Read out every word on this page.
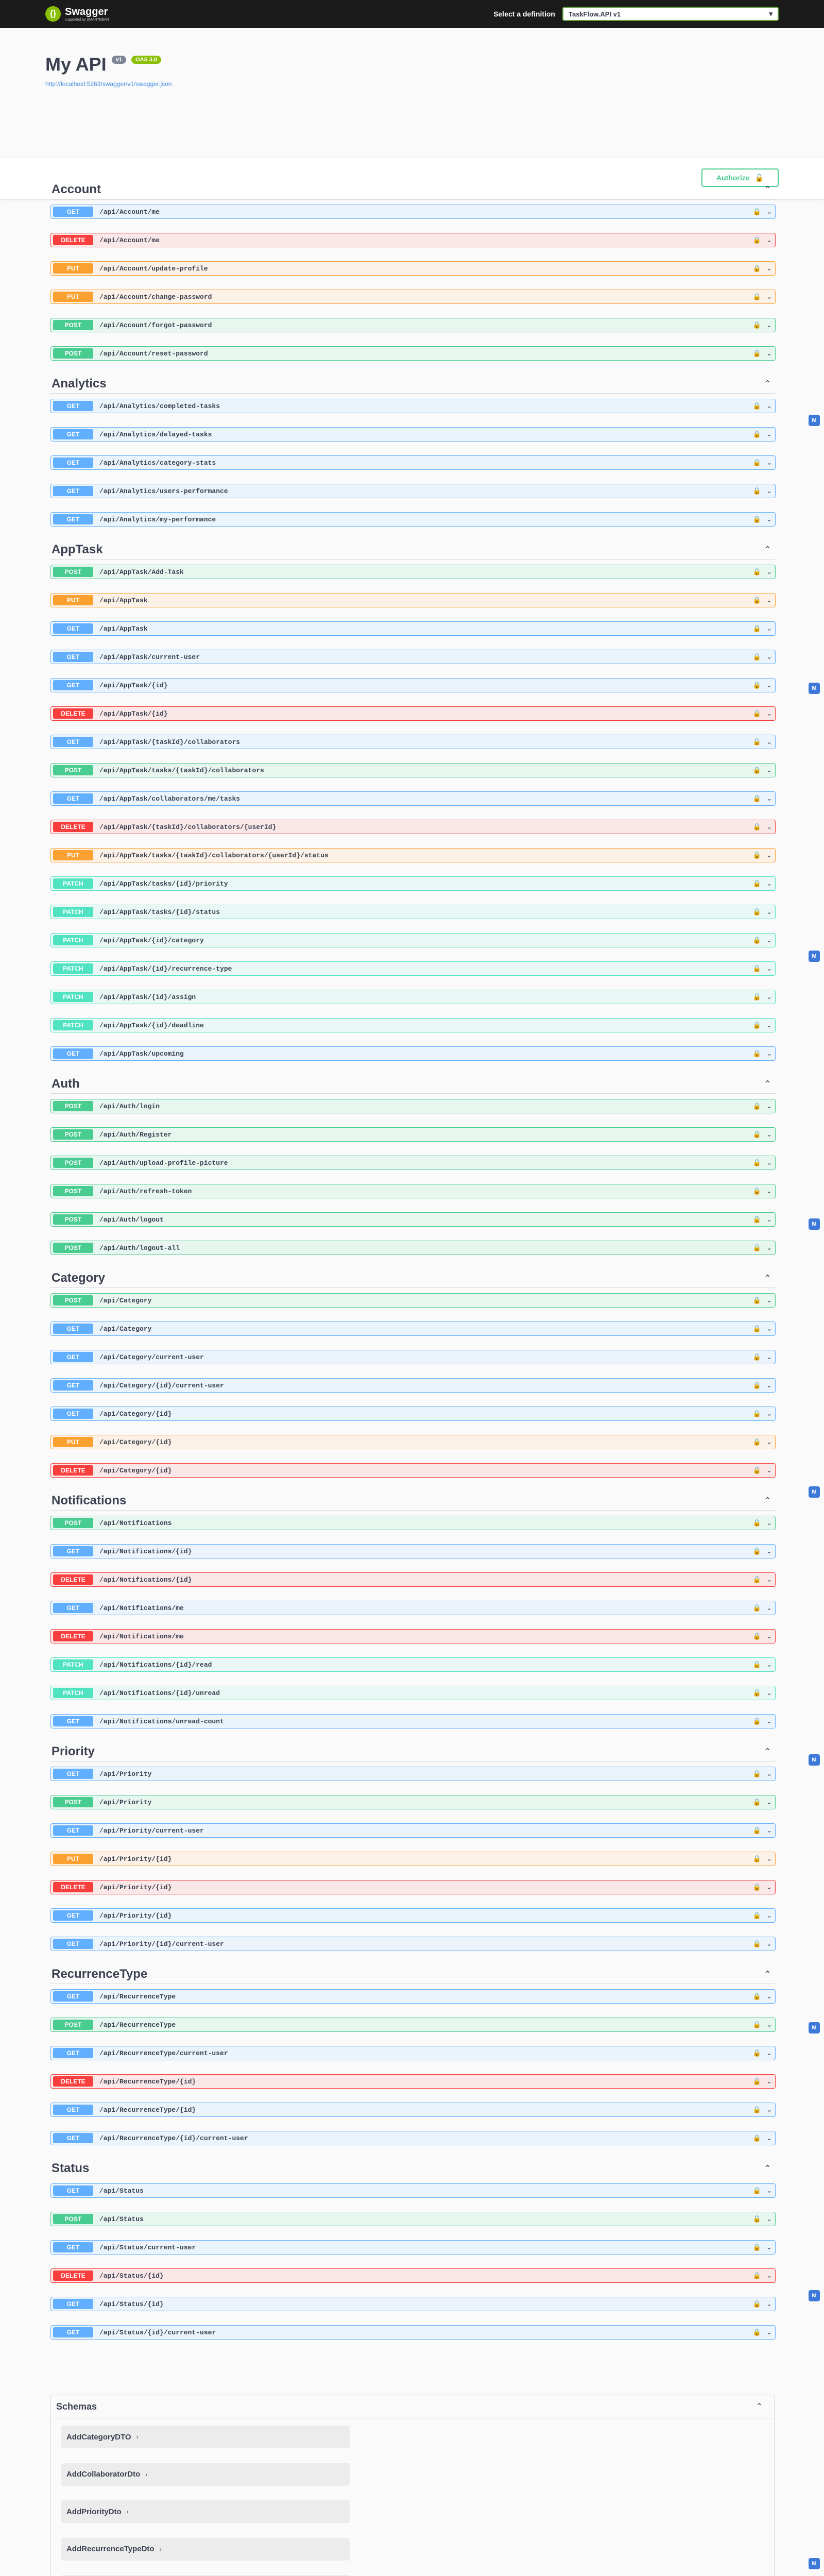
{} Swagger
supported by SMARTBEAR
Select a definition TaskFlow.API v1	▾
My API	v1	OAS 3.0
http://localhost:5263/swagger/v1/swagger.json
Authorize 🔓
Account	⌃
GET	/api/Account/me	🔒 ⌄
DELETE	/api/Account/me	🔒 ⌄
PUT	/api/Account/update-profile	🔒 ⌄
PUT	/api/Account/change-password	🔒 ⌄
POST	/api/Account/forgot-password	🔒 ⌄
POST	/api/Account/reset-password	🔒 ⌄
Analytics	⌃
GET	/api/Analytics/completed-tasks	🔒 ⌄
GET	/api/Analytics/delayed-tasks	🔒 ⌄
GET	/api/Analytics/category-stats	🔒 ⌄
GET	/api/Analytics/users-performance	🔒 ⌄
GET	/api/Analytics/my-performance	🔒 ⌄
AppTask	⌃
POST	/api/AppTask/Add-Task	🔒 ⌄
PUT	/api/AppTask	🔒 ⌄
GET	/api/AppTask	🔒 ⌄
GET	/api/AppTask/current-user	🔒 ⌄
GET	/api/AppTask/{id}	🔒 ⌄
DELETE	/api/AppTask/{id}	🔒 ⌄
GET	/api/AppTask/{taskId}/collaborators	🔒 ⌄
POST	/api/AppTask/tasks/{taskId}/collaborators	🔒 ⌄
GET	/api/AppTask/collaborators/me/tasks	🔒 ⌄
DELETE	/api/AppTask/{taskId}/collaborators/{userId}	🔒 ⌄
PUT	/api/AppTask/tasks/{taskId}/collaborators/{userId}/status	🔒 ⌄
PATCH	/api/AppTask/tasks/{id}/priority	🔒 ⌄
PATCH	/api/AppTask/tasks/{id}/status	🔒 ⌄
PATCH	/api/AppTask/{id}/category	🔒 ⌄
PATCH	/api/AppTask/{id}/recurrence-type	🔒 ⌄
PATCH	/api/AppTask/{id}/assign	🔒 ⌄
PATCH	/api/AppTask/{id}/deadline	🔒 ⌄
GET	/api/AppTask/upcoming	🔒 ⌄
Auth	⌃
POST	/api/Auth/login	🔒 ⌄
POST	/api/Auth/Register	🔒 ⌄
POST	/api/Auth/upload-profile-picture	🔒 ⌄
POST	/api/Auth/refresh-token	🔒 ⌄
POST	/api/Auth/logout	🔒 ⌄
POST	/api/Auth/logout-all	🔒 ⌄
Category	⌃
POST	/api/Category	🔒 ⌄
GET	/api/Category	🔒 ⌄
GET	/api/Category/current-user	🔒 ⌄
GET	/api/Category/{id}/current-user	🔒 ⌄
GET	/api/Category/{id}	🔒 ⌄
PUT	/api/Category/{id}	🔒 ⌄
DELETE	/api/Category/{id}	🔒 ⌄
Notifications	⌃
POST	/api/Notifications	🔒 ⌄
GET	/api/Notifications/{id}	🔒 ⌄
DELETE	/api/Notifications/{id}	🔒 ⌄
GET	/api/Notifications/me	🔒 ⌄
DELETE	/api/Notifications/me	🔒 ⌄
PATCH	/api/Notifications/{id}/read	🔒 ⌄
PATCH	/api/Notifications/{id}/unread	🔒 ⌄
GET	/api/Notifications/unread-count	🔒 ⌄
Priority	⌃
GET	/api/Priority	🔒 ⌄
POST	/api/Priority	🔒 ⌄
GET	/api/Priority/current-user	🔒 ⌄
PUT	/api/Priority/{id}	🔒 ⌄
DELETE	/api/Priority/{id}	🔒 ⌄
GET	/api/Priority/{id}	🔒 ⌄
GET	/api/Priority/{id}/current-user	🔒 ⌄
RecurrenceType	⌃
GET	/api/RecurrenceType	🔒 ⌄
POST	/api/RecurrenceType	🔒 ⌄
GET	/api/RecurrenceType/current-user	🔒 ⌄
DELETE	/api/RecurrenceType/{id}	🔒 ⌄
GET	/api/RecurrenceType/{id}	🔒 ⌄
GET	/api/RecurrenceType/{id}/current-user	🔒 ⌄
Status	⌃
GET	/api/Status	🔒 ⌄
POST	/api/Status	🔒 ⌄
GET	/api/Status/current-user	🔒 ⌄
DELETE	/api/Status/{id}	🔒 ⌄
GET	/api/Status/{id}	🔒 ⌄
GET	/api/Status/{id}/current-user	🔒 ⌄
Schemas	⌃
AddCategoryDTO ›
AddCollaboratorDto ›
AddPriorityDto ›
AddRecurrenceTypeDto ›
M
M
M
M
M
M
M
M
M
